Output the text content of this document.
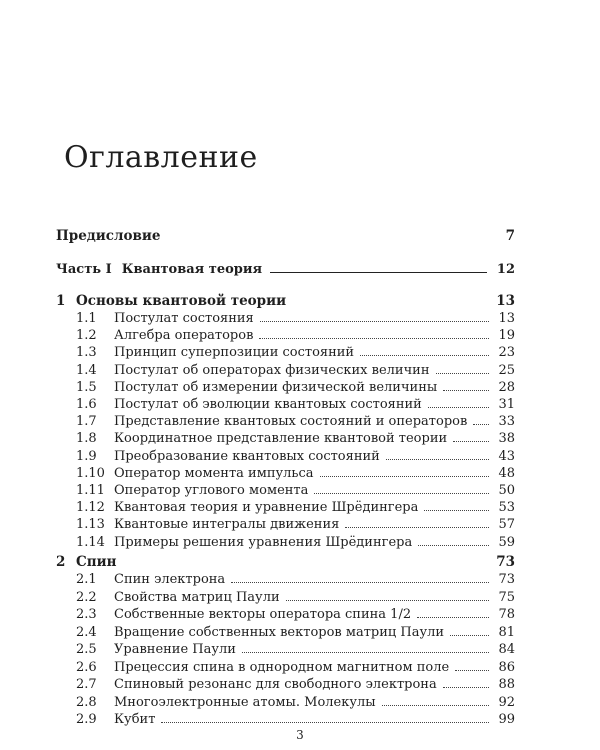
Оглавление
Предисловие	7
Часть I Квантовая теория	12
1 Основы квантовой теории	13
1.1	Постулат состояния	13
1.2	Алгебра операторов	19
1.3	Принцип суперпозиции состояний	23
1.4	Постулат об операторах физических величин	25
1.5	Постулат об измерении физической величины	28
1.6	Постулат об эволюции квантовых состояний	31
1.7	Представление квантовых состояний и операторов 33
1.8	Координатное представление квантовой теории	38
1.9	Преобразование квантовых состояний	43
1.10 Оператор момента импульса	48
1.11 Оператор углового момента	50
1.12 Квантовая теория и уравнение Шрёдингера	53
1.13 Квантовые интегралы движения	57
1.14 Примеры решения уравнения Шрёдингера	59
2 Спин	73
2.1	Спин электрона	73
2.2	Свойства матриц Паули	75
2.3	Собственные векторы оператора спина 1/2	78
2.4	Вращение собственных векторов матриц Паули	81
2.5	Уравнение Паули	84
2.6	Прецессия спина в однородном магнитном поле	86
2.7	Спиновый резонанс для свободного электрона	88
2.8	Многоэлектронные атомы. Молекулы	92
2.9	Кубит	99
3
